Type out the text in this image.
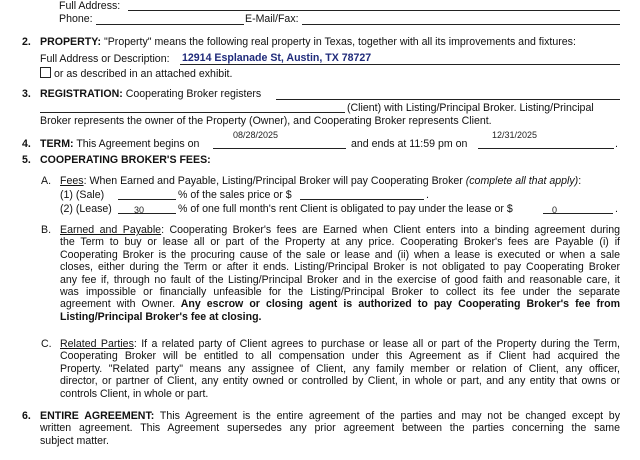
Full Address:
Phone:	E-Mail/Fax:
2. PROPERTY: "Property" means the following real property in Texas, together with all its improvements and fixtures:
Full Address or Description: 12914 Esplanade St, Austin, TX 78727
or as described in an attached exhibit.
3. REGISTRATION: Cooperating Broker registers
(Client) with Listing/Principal Broker. Listing/Principal
Broker represents the owner of the Property (Owner), and Cooperating Broker represents Client.
4. TERM: This Agreement begins on
08/28/2025
and ends at 11:59 pm on
12/31/2025
.
5. COOPERATING BROKER'S FEES:
A. Fees: When Earned and Payable, Listing/Principal Broker will pay Cooperating Broker (complete all that apply):
(1) (Sale)	% of the sales price or $	.
(2) (Lease) 30	% of one full month's rent Client is obligated to pay under the lease or $	0	.
B. Earned and Payable: Cooperating Broker's fees are Earned when Client enters into a binding agreement during
the Term to buy or lease all or part of the Property at any price. Cooperating Broker's fees are Payable (i) if
Cooperating Broker is the procuring cause of the sale or lease and (ii) when a lease is executed or when a sale
closes, either during the Term or after it ends. Listing/Principal Broker is not obligated to pay Cooperating Broker
any fee if, through no fault of the Listing/Principal Broker and in the exercise of good faith and reasonable care, it
was impossible or financially unfeasible for the Listing/Principal Broker to collect its fee under the separate
agreement with Owner. Any escrow or closing agent is authorized to pay Cooperating Broker's fee from
Listing/Principal Broker's fee at closing.
C. Related Parties: If a related party of Client agrees to purchase or lease all or part of the Property during the Term,
Cooperating Broker will be entitled to all compensation under this Agreement as if Client had acquired the
Property. "Related party" means any assignee of Client, any family member or relation of Client, any officer,
director, or partner of Client, any entity owned or controlled by Client, in whole or part, and any entity that owns or
controls Client, in whole or part.
6. ENTIRE AGREEMENT: This Agreement is the entire agreement of the parties and may not be changed except by
written agreement. This Agreement supersedes any prior agreement between the parties concerning the same
subject matter.
